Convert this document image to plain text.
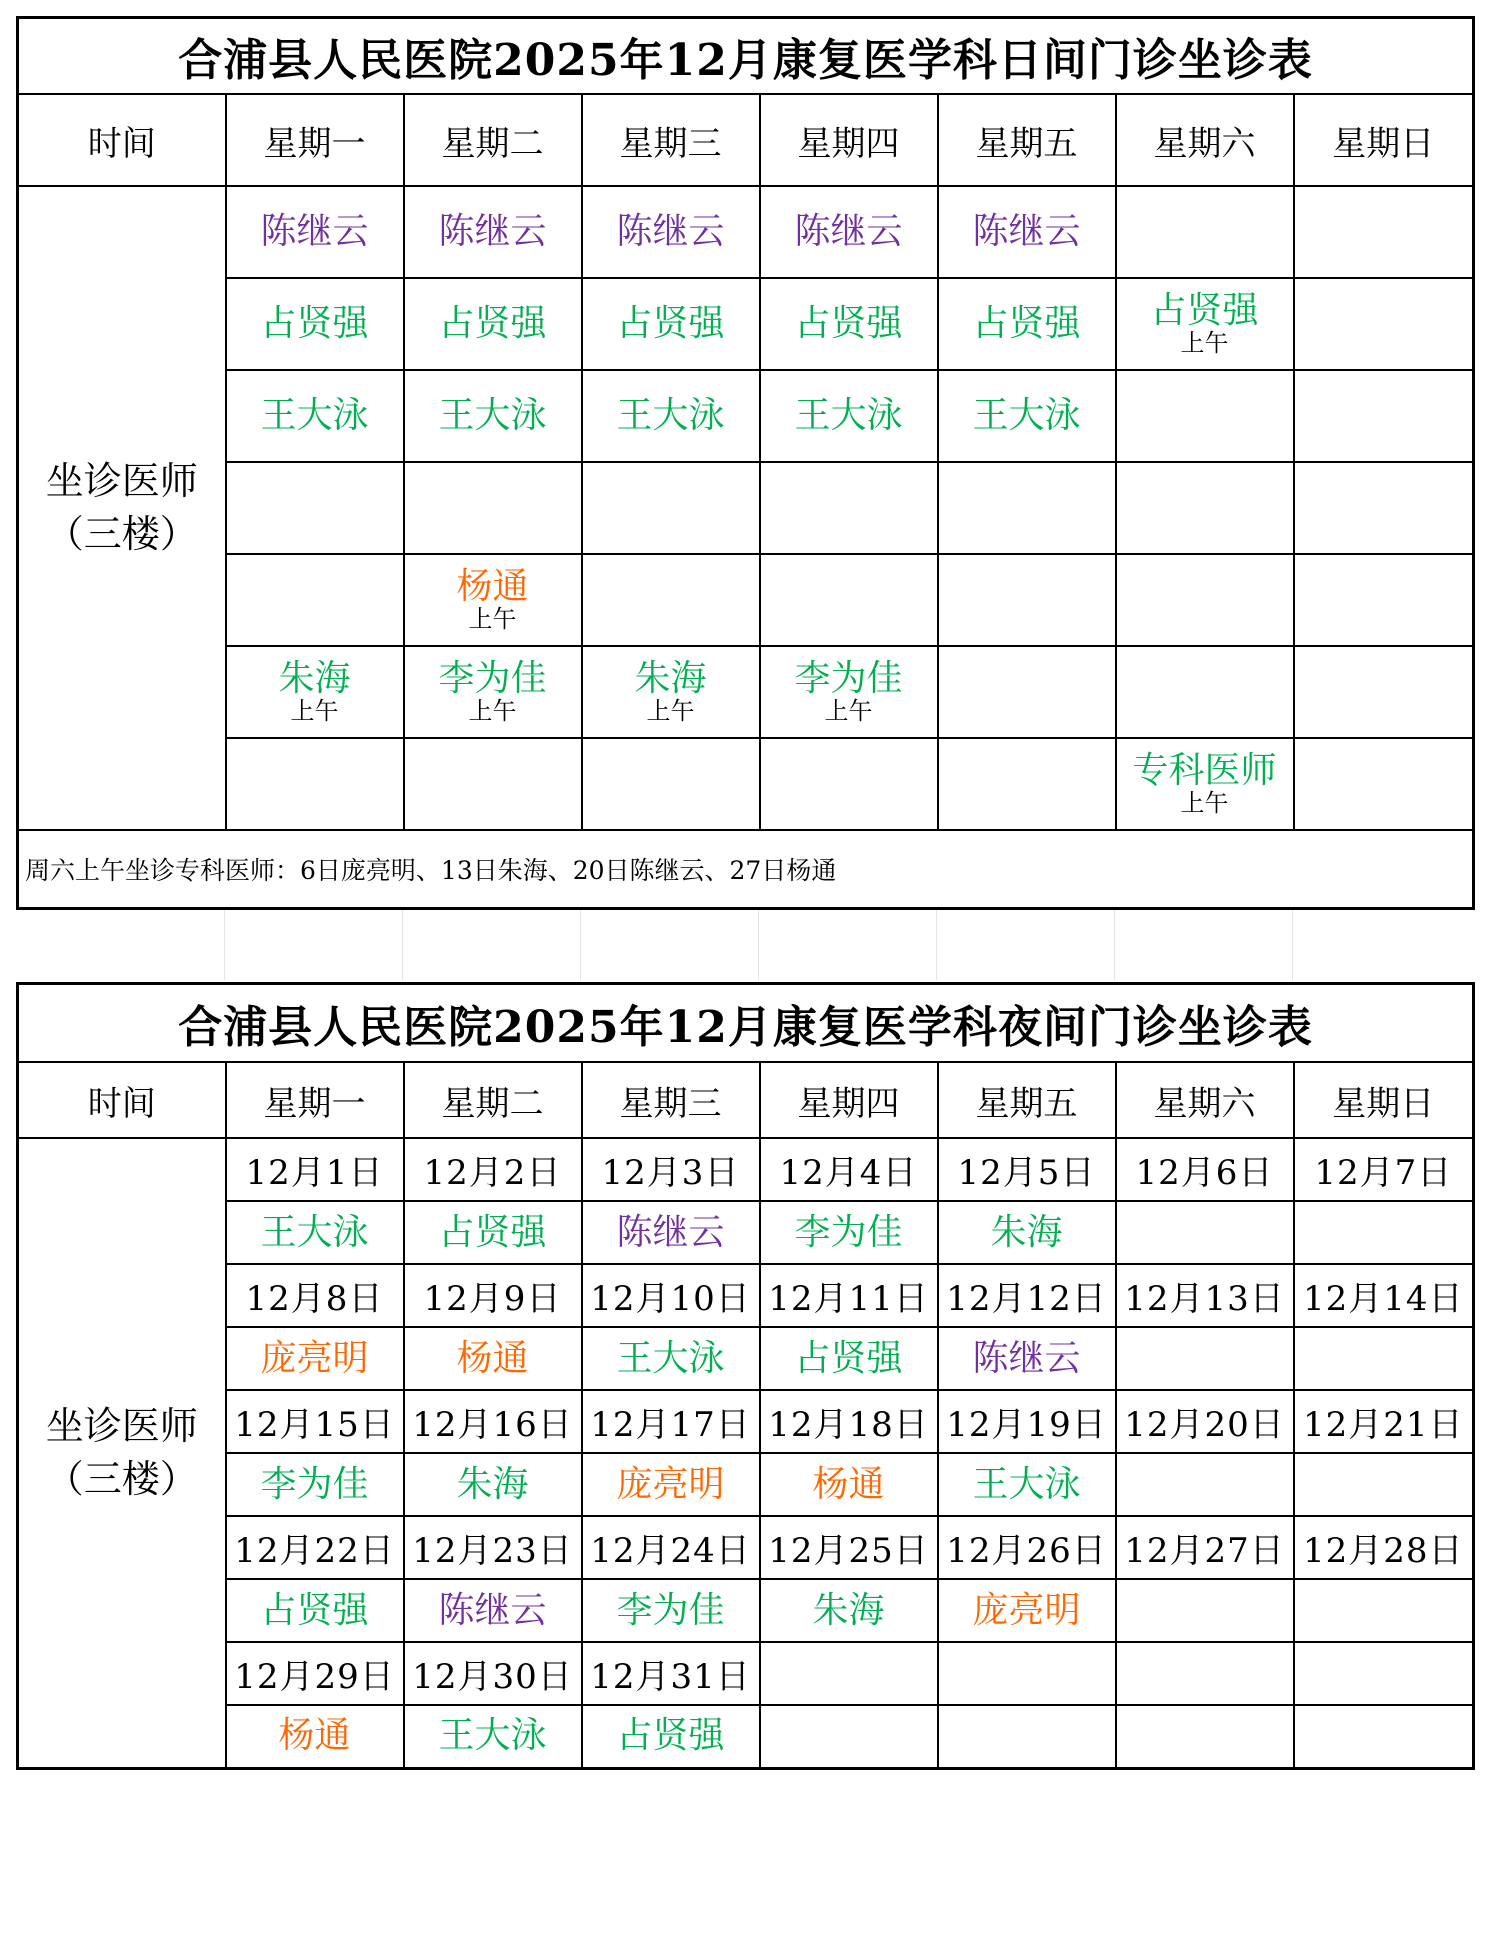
合浦县人民医院2025年12月康复医学科日间门诊坐诊表							
时间	星期一	星期二	星期三	星期四	星期五	星期六	星期日
坐诊医师
（三楼）	陈继云	陈继云	陈继云	陈继云	陈继云		

	占贤强	占贤强	占贤强	占贤强	占贤强	占贤强
上午	

	王大泳	王大泳	王大泳	王大泳	王大泳		

		杨通
上午					

	朱海
上午	李为佳
上午	朱海
上午	李为佳
上午			

						专科医师
上午	

周六上午坐诊专科医师：6日庞亮明、13日朱海、20日陈继云、27日杨通							
合浦县人民医院2025年12月康复医学科夜间门诊坐诊表							
时间	星期一	星期二	星期三	星期四	星期五	星期六	星期日
坐诊医师
（三楼）	12月1日	12月2日	12月3日	12月4日	12月5日	12月6日	12月7日
	王大泳	占贤强	陈继云	李为佳	朱海		
	12月8日	12月9日	12月10日	12月11日	12月12日	12月13日	12月14日
	庞亮明	杨通	王大泳	占贤强	陈继云		
	12月15日	12月16日	12月17日	12月18日	12月19日	12月20日	12月21日
	李为佳	朱海	庞亮明	杨通	王大泳		
	12月22日	12月23日	12月24日	12月25日	12月26日	12月27日	12月28日
	占贤强	陈继云	李为佳	朱海	庞亮明		
	12月29日	12月30日	12月31日				
	杨通	王大泳	占贤强				
